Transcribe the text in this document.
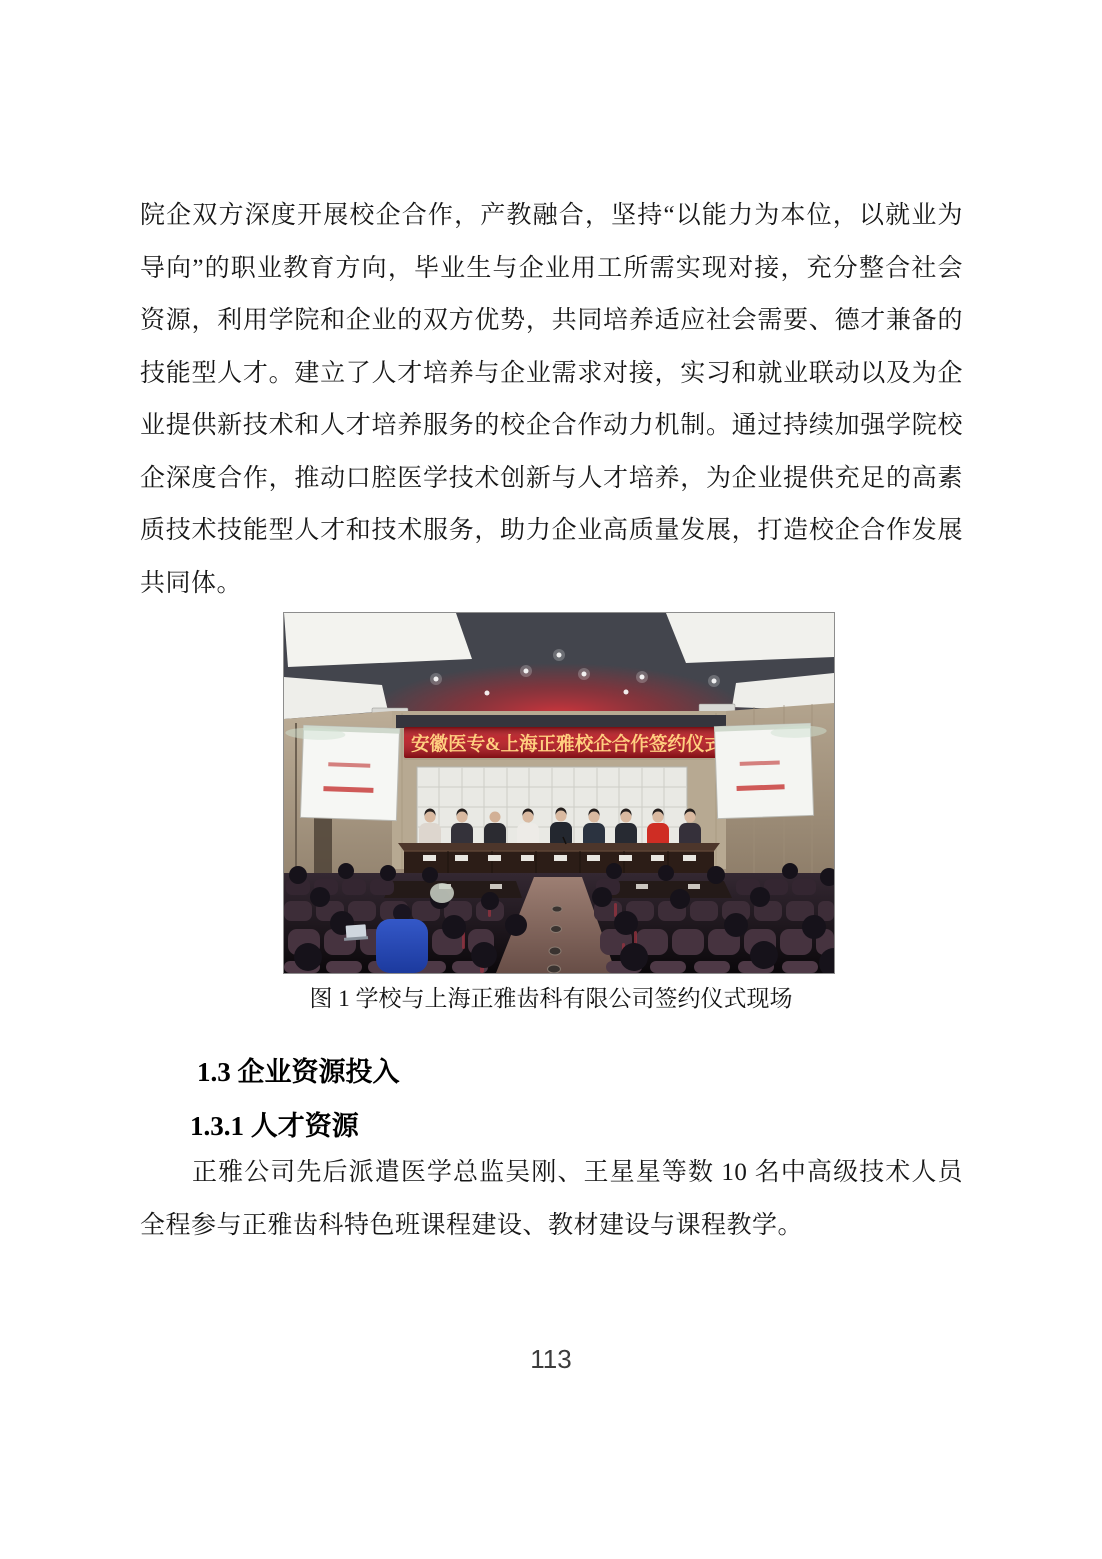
院企双方深度开展校企合作，产教融合，坚持“以能力为本位，以就业为
导向”的职业教育方向，毕业生与企业用工所需实现对接，充分整合社会
资源，利用学院和企业的双方优势，共同培养适应社会需要、德才兼备的
技能型人才。建立了人才培养与企业需求对接，实习和就业联动以及为企
业提供新技术和人才培养服务的校企合作动力机制。通过持续加强学院校
企深度合作，推动口腔医学技术创新与人才培养，为企业提供充足的高素
质技术技能型人才和技术服务，助力企业高质量发展，打造校企合作发展
共同体。
安徽医专&上海正雅校企合作签约仪式
图 1 学校与上海正雅齿科有限公司签约仪式现场
1.3 企业资源投入
1.3.1 人才资源
正雅公司先后派遣医学总监吴刚、王星星等数 10 名中高级技术人员
全程参与正雅齿科特色班课程建设、教材建设与课程教学。
113
